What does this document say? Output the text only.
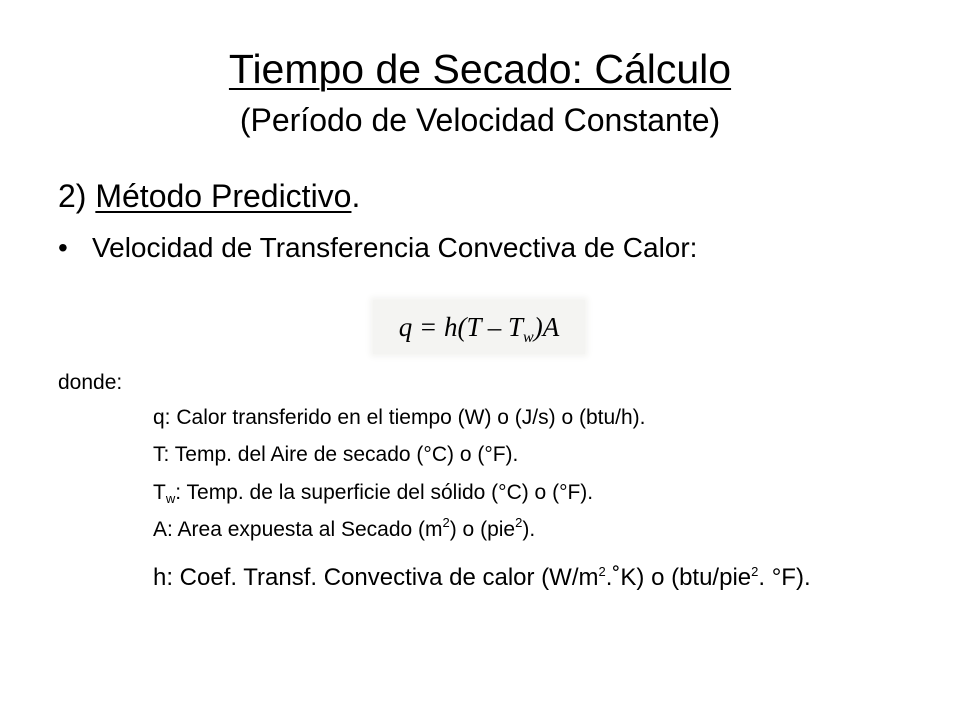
Tiempo de Secado: Cálculo
(Período de Velocidad Constante)
2) Método Predictivo.
• Velocidad de Transferencia Convectiva de Calor:
$q = h(T - T_w)A$
donde:
q: Calor transferido en el tiempo (W) o (J/s) o (btu/h).
T: Temp. del Aire de secado (°C) o (°F).
$T_w$: Temp. de la superficie del sólido (°C) o (°F).
A: Area expuesta al Secado $(m^2)$ o (pie$^2$).
h: Coef. Transf. Convectiva de calor $(W/m^2.˚K)$ o (btu/pie$^2$. °F).
